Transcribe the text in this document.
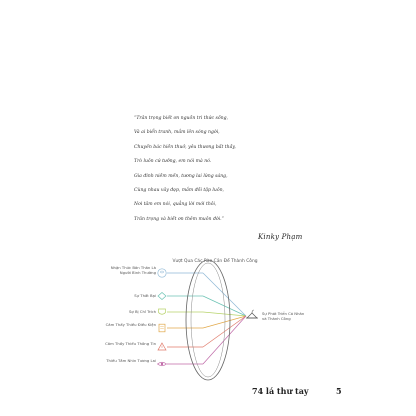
“Trân trọng biết ơn nguồn tri thức sống,
Và ai biển tranh, mắm lên sóng ngời,
Chuyến bác hiền thuở, yêu thương bất thầy,
Trò luôn cứ tưởng, em nói mà nó.
Gia đình niềm mến, tương lai lừng sáng,
Cùng nhau vây đẹp, mắm đồi tập luôn,
Nơi tâm em nói, quẳng lời mới thôi,
Trân trọng và biết ơn thêm muôn đời.”
Kinky Phạm
Vượt Qua Các Rào Cản Để Thành Công
Nhận Thức Bản Thân Là Người Bình Thường
Sự Thất Bại
Sợ Bị Chỉ Trích
Cảm Thấy Thiếu Điều Kiện
Cảm Thấy Thiếu Thông Tin
Thiếu Tầm Nhìn Tương Lai
Sự Phát Triển Cá Nhân và Thành Công
74 lá thư tay	5
